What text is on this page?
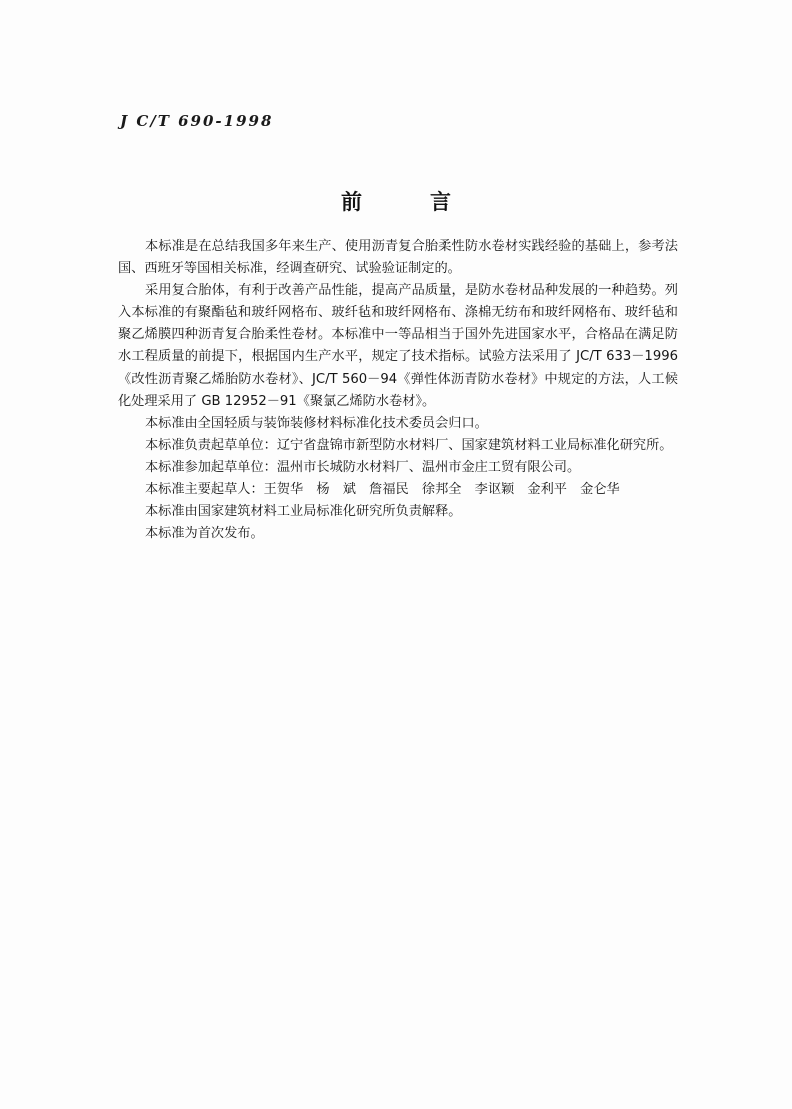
J C/T 690-1998
前言

本标准是在总结我国多年来生产、使用沥青复合胎柔性防水卷材实践经验的基础上，参考法国、西班牙等国相关标准，经调查研究、试验验证制定的。

采用复合胎体，有利于改善产品性能，提高产品质量，是防水卷材品种发展的一种趋势。列入本标准的有聚酯毡和玻纤网格布、玻纤毡和玻纤网格布、涤棉无纺布和玻纤网格布、玻纤毡和聚乙烯膜四种沥青复合胎柔性卷材。本标准中一等品相当于国外先进国家水平，合格品在满足防水工程质量的前提下，根据国内生产水平，规定了技术指标。试验方法采用了 JC/T 633－1996《改性沥青聚乙烯胎防水卷材》、JC/T 560－94《弹性体沥青防水卷材》中规定的方法，人工候化处理采用了 GB 12952－91《聚氯乙烯防水卷材》。

本标准由全国轻质与装饰装修材料标准化技术委员会归口。

本标准负责起草单位：辽宁省盘锦市新型防水材料厂、国家建筑材料工业局标准化研究所。

本标准参加起草单位：温州市长城防水材料厂、温州市金庄工贸有限公司。

本标准主要起草人：王贺华　杨　斌　詹福民　徐邦全　李讴颖　金利平　金仑华

本标准由国家建筑材料工业局标准化研究所负责解释。

本标准为首次发布。
